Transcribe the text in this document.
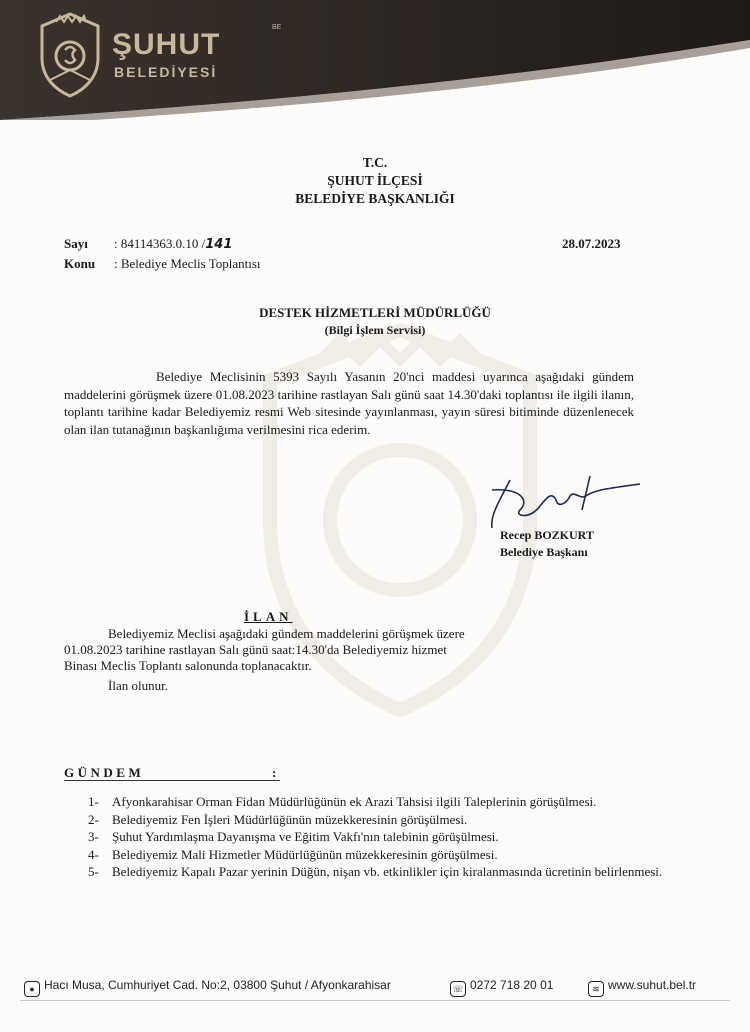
BE
ŞUHUT
BELEDİYESİ
T.C.
ŞUHUT İLÇESİ
BELEDİYE BAŞKANLIĞI
Sayı : 84114363.0.10 /141
Konu : Belediye Meclis Toplantısı
28.07.2023
DESTEK HİZMETLERİ MÜDÜRLÜĞÜ
(Bilgi İşlem Servisi)
Belediye Meclisinin 5393 Sayılı Yasanın 20'nci maddesi uyarınca aşağıdaki gündem maddelerini görüşmek üzere 01.08.2023 tarihine rastlayan Salı günü saat 14.30'daki toplantısı ile ilgili ilanın, toplantı tarihine kadar Belediyemiz resmi Web sitesinde yayınlanması, yayın süresi bitiminde düzenlenecek olan ilan tutanağının başkanlığıma verilmesini rica ederim.
Recep BOZKURT
Belediye Başkanı
İLAN
Belediyemiz Meclisi aşağıdaki gündem maddelerini görüşmek üzere
01.08.2023 tarihine rastlayan Salı günü saat:14.30'da Belediyemiz hizmet
Binası Meclis Toplantı salonunda toplanacaktır.
İlan olunur.
GÜNDEM	:
1- Afyonkarahisar Orman Fidan Müdürlüğünün ek Arazi Tahsisi ilgili Taleplerinin görüşülmesi.
2- Belediyemiz Fen İşleri Müdürlüğünün müzekkeresinin görüşülmesi.
3- Şuhut Yardımlaşma Dayanışma ve Eğitim Vakfı'nın talebinin görüşülmesi.
4- Belediyemiz Mali Hizmetler Müdürlüğünün müzekkeresinin görüşülmesi.
5- Belediyemiz Kapalı Pazar yerinin Düğün, nişan vb. etkinlikler için kiralanmasında ücretinin belirlenmesi.
● Hacı Musa, Cumhuriyet Cad. No:2, 03800 Şuhut / Afyonkarahisar	☏ 0272 718 20 01	≋ www.suhut.bel.tr
